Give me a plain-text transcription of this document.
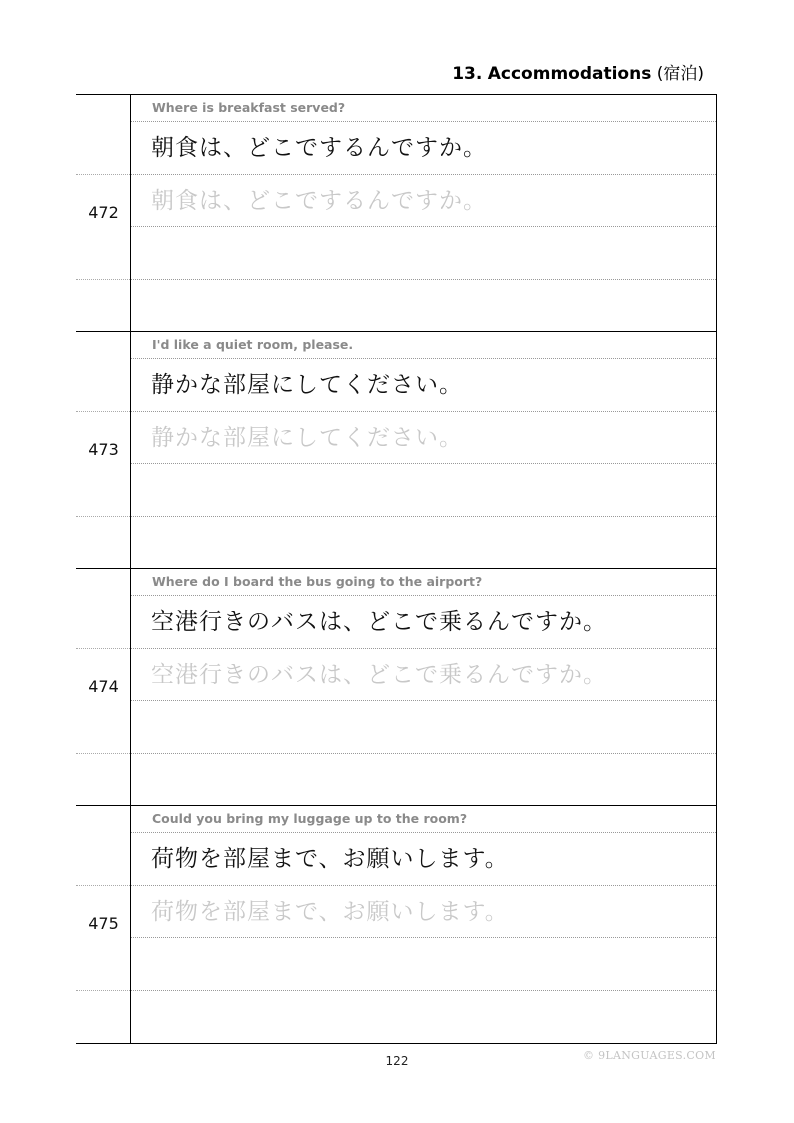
13. Accommodations (宿泊)
472
Where is breakfast served?
朝食は、どこでするんですか。
朝食は、どこでするんですか。
473
I'd like a quiet room, please.
静かな部屋にしてください。
静かな部屋にしてください。
474
Where do I board the bus going to the airport?
空港行きのバスは、どこで乗るんですか。
空港行きのバスは、どこで乗るんですか。
475
Could you bring my luggage up to the room?
荷物を部屋まで、お願いします。
荷物を部屋まで、お願いします。
122	© 9LANGUAGES.COM
